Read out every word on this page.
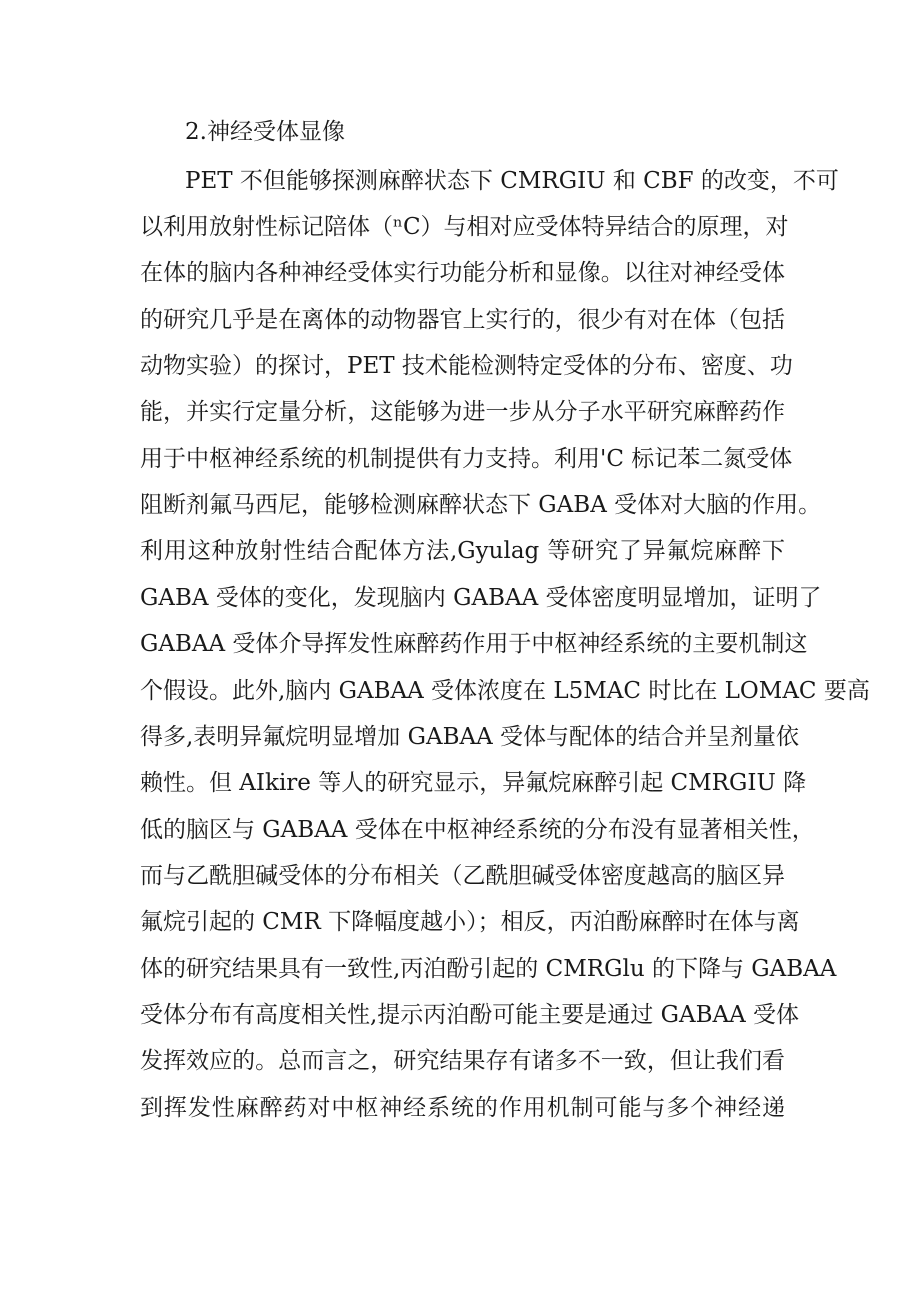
2.神经受体显像
PET 不但能够探测麻醉状态下 CMRGIU 和 CBF 的改变，不可
以利用放射性标记陪体（ⁿC）与相对应受体特异结合的原理，对
在体的脑内各种神经受体实行功能分析和显像。以往对神经受体
的研究几乎是在离体的动物器官上实行的，很少有对在体（包括
动物实验）的探讨，PET 技术能检测特定受体的分布、密度、功
能，并实行定量分析，这能够为进一步从分子水平研究麻醉药作
用于中枢神经系统的机制提供有力支持。利用'C 标记苯二氮受体
阻断剂氟马西尼，能够检测麻醉状态下 GABA 受体对大脑的作用。
利用这种放射性结合配体方法,Gyulag 等研究了异氟烷麻醉下
GABA 受体的变化，发现脑内 GABAA 受体密度明显增加，证明了
GABAA 受体介导挥发性麻醉药作用于中枢神经系统的主要机制这
个假设。此外,脑内 GABAA 受体浓度在 L5MAC 时比在 LOMAC 要高
得多,表明异氟烷明显增加 GABAA 受体与配体的结合并呈剂量依
赖性。但 AIkire 等人的研究显示，异氟烷麻醉引起 CMRGIU 降
低的脑区与 GABAA 受体在中枢神经系统的分布没有显著相关性，
而与乙酰胆碱受体的分布相关（乙酰胆碱受体密度越高的脑区异
氟烷引起的 CMR 下降幅度越小）；相反，丙泊酚麻醉时在体与离
体的研究结果具有一致性,丙泊酚引起的 CMRGlu 的下降与 GABAA
受体分布有高度相关性,提示丙泊酚可能主要是通过 GABAA 受体
发挥效应的。总而言之，研究结果存有诸多不一致，但让我们看
到挥发性麻醉药对中枢神经系统的作用机制可能与多个神经递
